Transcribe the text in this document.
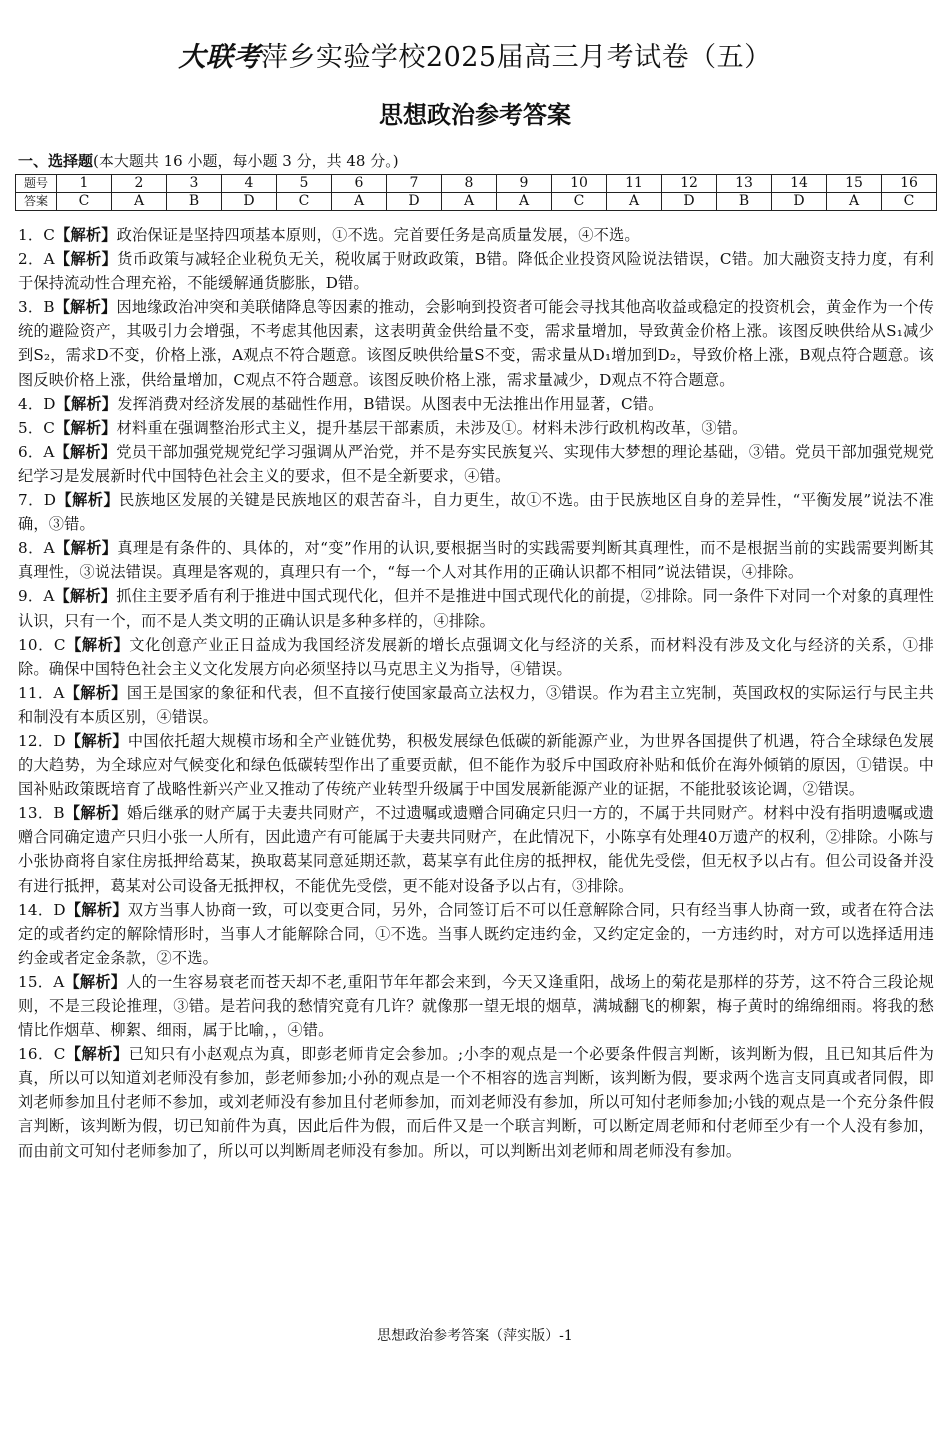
大联考萍乡实验学校2025届高三月考试卷（五）
思想政治参考答案
一、选择题(本大题共 16 小题，每小题 3 分，共 48 分。)
题号	1	2	3	4	5	6	7	8	9	10	11	12	13	14	15	16
答案	C	A	B	D	C	A	D	A	A	C	A	D	B	D	A	C

1．C【解析】政治保证是坚持四项基本原则，①不选。完首要任务是高质量发展，④不选。

2．A【解析】货币政策与减轻企业税负无关，税收属于财政政策，B错。降低企业投资风险说法错误，C错。加大融资支持力度，有利于保持流动性合理充裕，不能缓解通货膨胀，D错。

3．B【解析】因地缘政治冲突和美联储降息等因素的推动，会影响到投资者可能会寻找其他高收益或稳定的投资机会，黄金作为一个传统的避险资产，其吸引力会增强，不考虑其他因素，这表明黄金供给量不变，需求量增加，导致黄金价格上涨。该图反映供给从S₁减少到S₂，需求D不变，价格上涨，A观点不符合题意。该图反映供给量S不变，需求量从D₁增加到D₂，导致价格上涨，B观点符合题意。该图反映价格上涨，供给量增加，C观点不符合题意。该图反映价格上涨，需求量减少，D观点不符合题意。

4．D【解析】发挥消费对经济发展的基础性作用，B错误。从图表中无法推出作用显著，C错。

5．C【解析】材料重在强调整治形式主义，提升基层干部素质，未涉及①。材料未涉行政机构改革，③错。

6．A【解析】党员干部加强党规党纪学习强调从严治党，并不是夯实民族复兴、实现伟大梦想的理论基础，③错。党员干部加强党规党纪学习是发展新时代中国特色社会主义的要求，但不是全新要求，④错。

7．D【解析】民族地区发展的关键是民族地区的艰苦奋斗，自力更生，故①不选。由于民族地区自身的差异性，“平衡发展”说法不准确，③错。

8．A【解析】真理是有条件的、具体的，对“变”作用的认识,要根据当时的实践需要判断其真理性，而不是根据当前的实践需要判断其真理性，③说法错误。真理是客观的，真理只有一个，“每一个人对其作用的正确认识都不相同”说法错误，④排除。

9．A【解析】抓住主要矛盾有利于推进中国式现代化，但并不是推进中国式现代化的前提，②排除。同一条件下对同一个对象的真理性认识，只有一个，而不是人类文明的正确认识是多种多样的，④排除。

10．C【解析】文化创意产业正日益成为我国经济发展新的增长点强调文化与经济的关系，而材料没有涉及文化与经济的关系，①排除。确保中国特色社会主义文化发展方向必须坚持以马克思主义为指导，④错误。

11．A【解析】国王是国家的象征和代表，但不直接行使国家最高立法权力，③错误。作为君主立宪制，英国政权的实际运行与民主共和制没有本质区别，④错误。

12．D【解析】中国依托超大规模市场和全产业链优势，积极发展绿色低碳的新能源产业，为世界各国提供了机遇，符合全球绿色发展的大趋势，为全球应对气候变化和绿色低碳转型作出了重要贡献，但不能作为驳斥中国政府补贴和低价在海外倾销的原因，①错误。中国补贴政策既培育了战略性新兴产业又推动了传统产业转型升级属于中国发展新能源产业的证据，不能批驳该论调，②错误。

13．B【解析】婚后继承的财产属于夫妻共同财产，不过遗嘱或遗赠合同确定只归一方的，不属于共同财产。材料中没有指明遗嘱或遗赠合同确定遗产只归小张一人所有，因此遗产有可能属于夫妻共同财产，在此情况下，小陈享有处理40万遗产的权利，②排除。小陈与小张协商将自家住房抵押给葛某，换取葛某同意延期还款，葛某享有此住房的抵押权，能优先受偿，但无权予以占有。但公司设备并没有进行抵押，葛某对公司设备无抵押权，不能优先受偿，更不能对设备予以占有，③排除。

14．D【解析】双方当事人协商一致，可以变更合同，另外，合同签订后不可以任意解除合同，只有经当事人协商一致，或者在符合法定的或者约定的解除情形时，当事人才能解除合同，①不选。当事人既约定违约金，又约定定金的，一方违约时，对方可以选择适用违约金或者定金条款，②不选。

15．A【解析】人的一生容易衰老而苍天却不老,重阳节年年都会来到，今天又逢重阳，战场上的菊花是那样的芬芳，这不符合三段论规则，不是三段论推理，③错。是若问我的愁情究竟有几许？就像那一望无垠的烟草，满城翻飞的柳絮，梅子黄时的绵绵细雨。将我的愁情比作烟草、柳絮、细雨，属于比喻，，④错。

16．C【解析】已知只有小赵观点为真，即彭老师肯定会参加。;小李的观点是一个必要条件假言判断，该判断为假，且已知其后件为真，所以可以知道刘老师没有参加，彭老师参加;小孙的观点是一个不相容的选言判断，该判断为假，要求两个选言支同真或者同假，即刘老师参加且付老师不参加，或刘老师没有参加且付老师参加，而刘老师没有参加，所以可知付老师参加;小钱的观点是一个充分条件假言判断，该判断为假，切已知前件为真，因此后件为假，而后件又是一个联言判断，可以断定周老师和付老师至少有一个人没有参加，而由前文可知付老师参加了，所以可以判断周老师没有参加。所以，可以判断出刘老师和周老师没有参加。

思想政治参考答案（萍实版）-1
